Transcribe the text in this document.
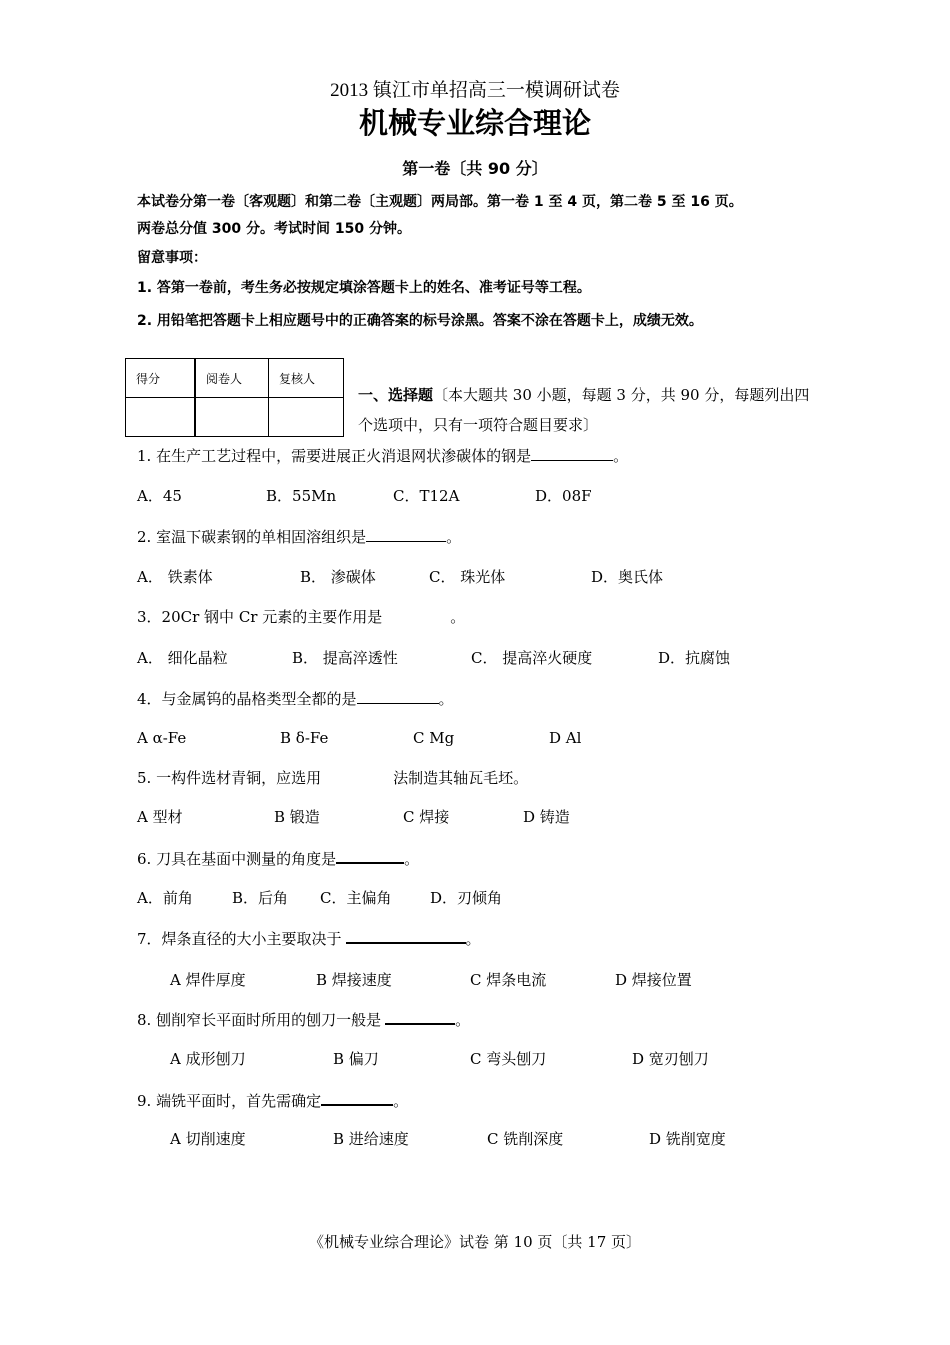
2013 镇江市单招高三一模调研试卷
机械专业综合理论
第一卷〔共 90 分〕
本试卷分第一卷〔客观题〕和第二卷〔主观题〕两局部。第一卷 1 至 4 页，第二卷 5 至 16 页。
两卷总分值 300 分。考试时间 150 分钟。
留意事项：
1. 答第一卷前，考生务必按规定填涂答题卡上的姓名、准考证号等工程。
2. 用铅笔把答题卡上相应题号中的正确答案的标号涂黑。答案不涂在答题卡上，成绩无效。
得分	阅卷人	复核人

一、选择题〔本大题共 30 小题，每题 3 分，共 90 分，每题列出四
个选项中，只有一项符合题目要求〕
1. 在生产工艺过程中，需要进展正火消退网状渗碳体的钢是	。
A．45	B．55Mn	C．T12A	D．08F
2. 室温下碳素钢的单相固溶组织是	。
A． 铁素体	B． 渗碳体	C． 珠光体	D．奥氏体
3．20Cr 钢中 Cr 元素的主要作用是	。
A． 细化晶粒	B． 提高淬透性	C． 提高淬火硬度	D．抗腐蚀
4．与金属钨的晶格类型全都的是	。
A α-Fe	B δ-Fe	C Mg	D Al
5. 一构件选材青铜，应选用	法制造其轴瓦毛坯。
A 型材	B 锻造	C 焊接	D 铸造
6. 刀具在基面中测量的角度是	。
A．前角	B．后角 C．主偏角	D．刃倾角
7．焊条直径的大小主要取决于	。
A 焊件厚度	B 焊接速度	C 焊条电流	D 焊接位置
8. 刨削窄长平面时所用的刨刀一般是	。
A 成形刨刀	B 偏刀	C 弯头刨刀	D 宽刃刨刀
9. 端铣平面时，首先需确定	。
A 切削速度	B 进给速度	C 铣削深度	D 铣削宽度
《机械专业综合理论》试卷 第 10 页〔共 17 页〕
